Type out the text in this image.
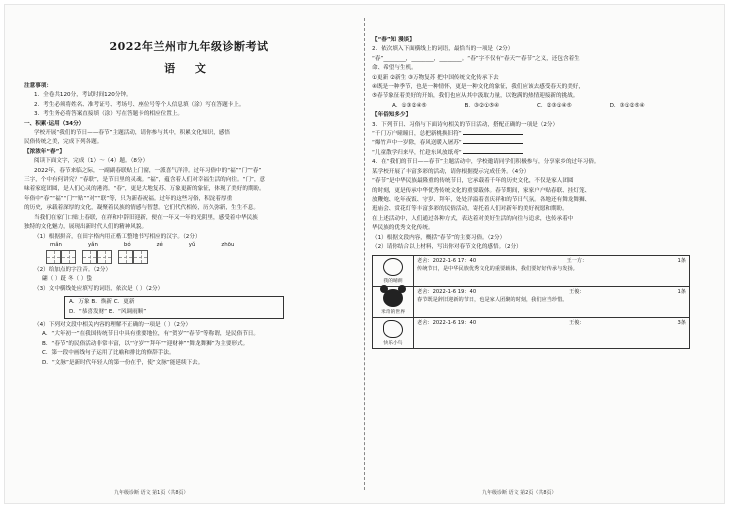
2022年兰州市九年级诊断考试
语 文
注意事项：
1．全卷共120分，考试时间120分钟。
2．考生必须将姓名、准考证号、考场号、座位号等个人信息填（涂）写在答题卡上。
3．考生务必将答案直接填（涂）写在答题卡的相应位置上。
一、积累·运用（34分）
学校开展“我们的节日——春节”主题活动，请你参与其中，积累文化知识，感悟
民俗传统之美，完成下列各题。
【浓浓年“春”】
阅读下面文字，完成（1）～（4）题。（8分）
2022年，春节来临之际，一副副春联贴上门窗，一派喜气洋洋。过年习俗中的“福”“门”“春”
三字，个中有何讲究？“春联”，是节日里的灵魂。“福”，蕴含着人们对幸福生活的向往。“门”，意
味着家庭团圆，是人们心灵的港湾。“春”，更是大地复苏、万象更新的象征，体现了美好的期盼。
年俗中“春”“福”“门”“贴”“对”“联”等，只为新春祝福。过年的这些习俗，积淀着厚重
的历史，承载着深厚的文化，凝聚着民族的情感与智慧。它们代代相传，历久弥新，生生不息。
当我们在家门口贴上春联，在祥和中辞旧迎新，便在一年又一年的光阴里，感受着中华民族
独特的文化魅力，展现出新时代人们的精神风貌。
（1）根据拼音，在田字格内用正楷工整地书写相应的汉字。（2分）
mǎn	yǎn	bó	zé	yǔ	zhōu
（2）给加点的字注音。（2分）
翩（ ）跹 冬（ ）蛰
（3）文中横线处应填写的词语，依次是（ ）（2分）
A．万象 B．焕新 C．更新
D．“恭喜发财” E．“风调雨顺”
（4）下列对文段中相关内容的理解不正确的一项是（ ）（2分）
A．“大年初一”在我国传统节日中具有重要地位，有“贺岁”“春节”等称谓，是民俗节日。
B．“春节”的民俗活动非常丰富，以“守岁”“拜年”“迎财神”“舞龙舞狮”为主要形式。
C．第一段中画线句子运用了比喻和排比的修辞手法。
D．“文脉”是新时代年轻人的第一份在乎，使“文脉”能延续下去。
九年级诊断 语文 第1页（共8页）
【“春”知 漫谈】
2．依次填入下面横线上的词语，最恰当的一项是（2分）
“春”________，________，________。“春”字不仅有“春天”“春节”之义，还包含着生
命、希望与生机。
①更新 ②新生 ③万物复苏 把中国传统文化传承下去
④既是一种季节，也是一种情怀，更是一种文化的象征，我们应该去感受春天的美好，
⑤春节象征着美好的开始，我们也应从其中汲取力量，以饱满的热情迎接新的挑战。
A．①③②④⑤	B．③②①⑤④	C．②③①④⑤	D．③①②⑤④
【年俗知多少】
3．下列节日、习俗与下面诗句相关的节日活动，搭配正确的一项是（2分）
“千门万户曈曈日，总把新桃换旧符”
“爆竹声中一岁除，春风送暖入屠苏”
“儿童散学归来早，忙趁东风放纸鸢”
4．在“我们的节日——春节”主题活动中，学校邀请同学们积极参与，分享家乡的过年习俗。
某学校开展了丰富多彩的活动，请你根据提示完成任务。（4分）
“春节”是中华民族最隆重的传统节日，它承载着千年的历史文化，不仅是家人团圆
的时刻，更是传承中华优秀传统文化的重要载体。春节期间，家家户户贴春联、挂灯笼、
放鞭炮、吃年夜饭、守岁、拜年，处处洋溢着喜庆祥和的节日气氛。各地还有舞龙舞狮、
逛庙会、赏花灯等丰富多彩的民俗活动，寄托着人们对新年的美好祝愿和期盼。
在上述活动中，人们通过各种方式，表达着对美好生活的向往与追求，也传承着中
华民族的优秀文化传统。
（1）根据文段内容，概括“春节”的主要习俗。（2分）
（2）请你结合以上材料，写出你对春节文化的感悟。（2分）
我的晴朗
老舍：2022-1-6 17：40	王一方：	1条
传统节日，是中华民族优秀文化的重要载体，我们要好好传承与发扬。
米奇的世界
老舍：2022-1-6 19：40	王俊：	1条
春节既是辞旧迎新的节日，也是家人团聚的时刻，我们应当珍惜。
快乐小鸟
老舍：2022-1-6 19：40	王俊：	3条
九年级诊断 语文 第2页（共8页）
